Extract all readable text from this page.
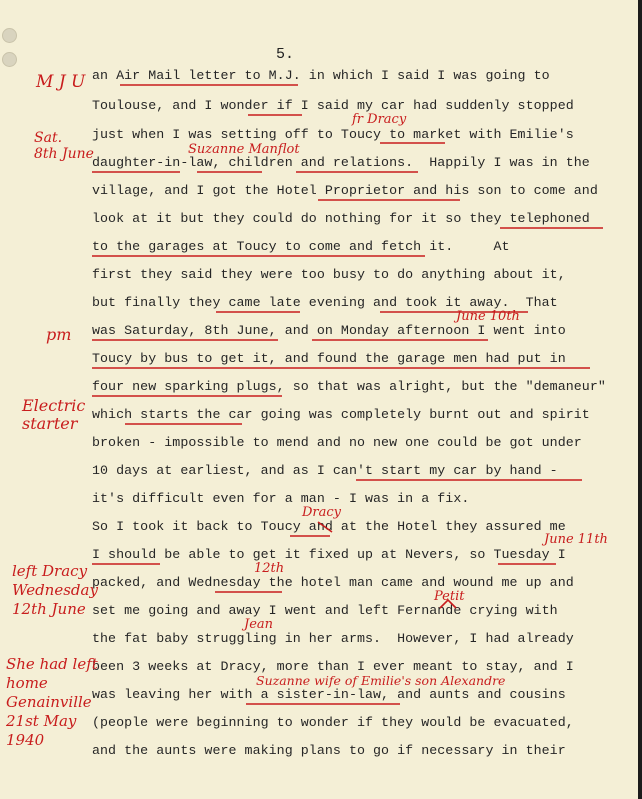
5.
an Air Mail letter to M.J. in which I said I was going to
Toulouse, and I wonder if I said my car had suddenly stopped
just when I was setting off to Toucy to market with Emilie's
daughter-in-law, children and relations.  Happily I was in the
village, and I got the Hotel Proprietor and his son to come and
look at it but they could do nothing for it so they telephoned
to the garages at Toucy to come and fetch it.     At
first they said they were too busy to do anything about it,
but finally they came late evening and took it away.  That
was Saturday, 8th June, and on Monday afternoon I went into
Toucy by bus to get it, and found the garage men had put in
four new sparking plugs, so that was alright, but the "demaneur"
which starts the car going was completely burnt out and spirit
broken - impossible to mend and no new one could be got under
10 days at earliest, and as I can't start my car by hand -
it's difficult even for a man - I was in a fix.
So I took it back to Toucy and at the Hotel they assured me
I should be able to get it fixed up at Nevers, so Tuesday I
packed, and Wednesday the hotel man came and wound me up and
set me going and away I went and left Fernande crying with
the fat baby struggling in her arms.  However, I had already
been 3 weeks at Dracy, more than I ever meant to stay, and I
was leaving her with a sister-in-law, and aunts and cousins
(people were beginning to wonder if they would be evacuated,
and the aunts were making plans to go if necessary in their
M J U
Sat.
8th June
pm
Electric
starter
left Dracy
Wednesday
12th June
She had left
home
Genainville
21st May
1940
fr Dracy
Suzanne Manflot
June 10th
Dracy
June 11th
12th
Petit
Jean
Suzanne wife of Emilie's son Alexandre
